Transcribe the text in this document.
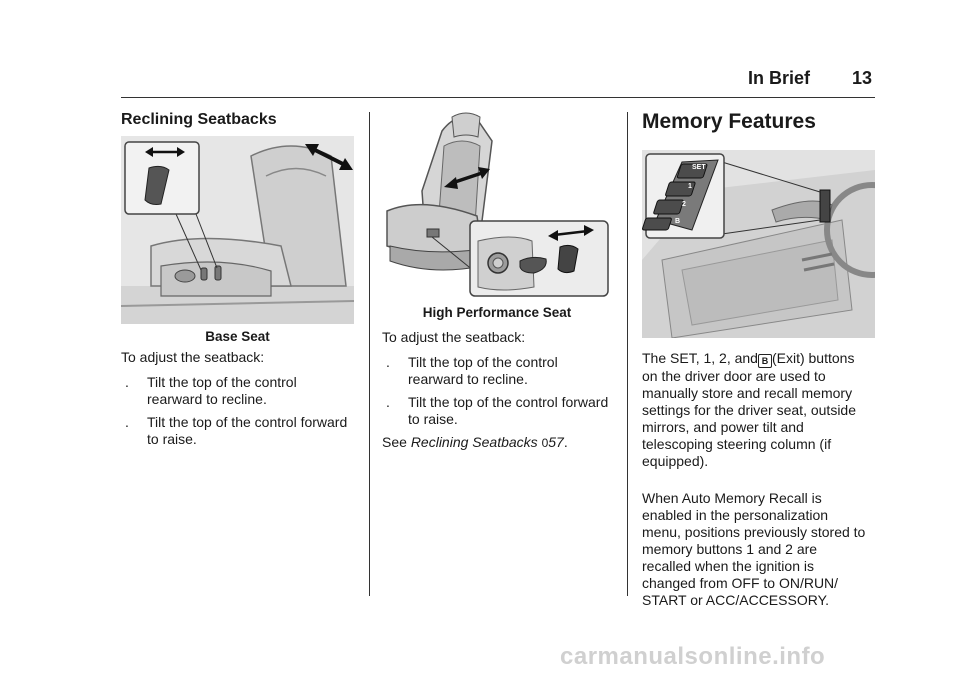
In Brief 13
Reclining Seatbacks
Base Seat
To adjust the seatback:
. Tilt the top of the control
rearward to recline.
. Tilt the top of the control forward
to raise.
High Performance Seat
To adjust the seatback:
. Tilt the top of the control
rearward to recline.
. Tilt the top of the control forward
to raise.
See Reclining Seatbacks 057.
Memory Features
SET
1
2
B
The SET, 1, 2, and B (Exit) buttons
on the driver door are used to
manually store and recall memory
settings for the driver seat, outside
mirrors, and power tilt and
telescoping steering column (if
equipped).
When Auto Memory Recall is
enabled in the personalization
menu, positions previously stored to
memory buttons 1 and 2 are
recalled when the ignition is
changed from OFF to ON/RUN/
START or ACC/ACCESSORY.
carmanualsonline.info
